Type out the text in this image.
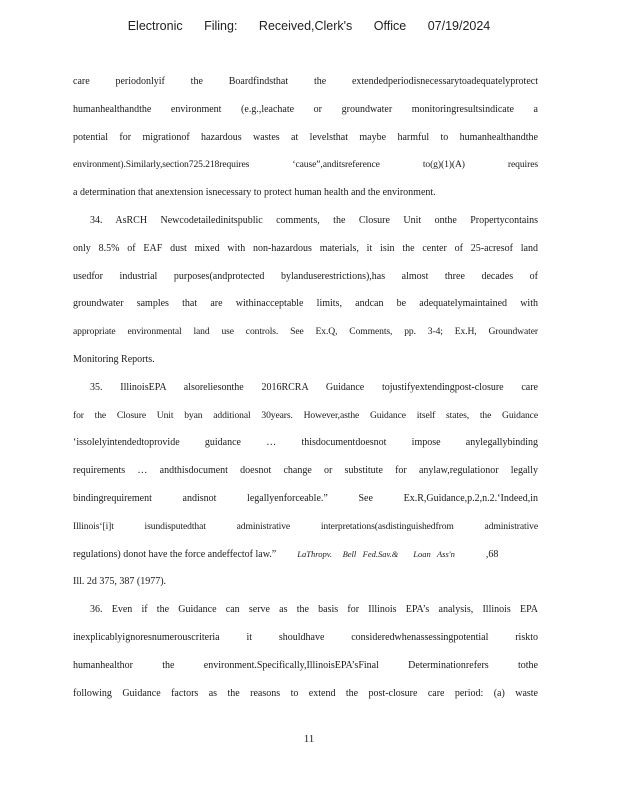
Electronic Filing: Received,Clerk's Office 07/19/2024
care periodonlyif the Boardfindsthat the extendedperiodisnecessarytoadequatelyprotect
humanhealthandthe environment (e.g.,leachate or groundwater monitoringresultsindicate a
potential for migrationof hazardous wastes at levelsthat maybe harmful to humanhealthandthe
environment).Similarly,section725.218requires ‘cause”,anditsreference to(g)(1)(A) requires
a determination that anextension isnecessary to protect human health and the environment.
34. AsRCH Newcodetailedinitspublic comments, the Closure Unit onthe Propertycontains
only 8.5% of EAF dust mixed with non-hazardous materials, it isin the center of 25-acresof land
usedfor industrial purposes(andprotected bylanduserestrictions),has almost three decades of
groundwater samples that are withinacceptable limits, andcan be adequatelymaintained with
appropriate environmental land use controls. See Ex.Q, Comments, pp. 3-4; Ex.H, Groundwater
Monitoring Reports.
35. IllinoisEPA alsoreliesonthe 2016RCRA Guidance tojustifyextendingpost-closure care
for the Closure Unit byan additional 30years. However,asthe Guidance itself states, the Guidance
‘issolelyintendedtoprovide guidance … thisdocumentdoesnot impose anylegallybinding
requirements … andthisdocument doesnot change or substitute for anylaw,regulationor legally
bindingrequirement andisnot legallyenforceable.” See Ex.R,Guidance,p.2,n.2.‘Indeed,in
Illinois‘[i]t isundisputedthat administrative interpretations(asdistinguishedfrom administrative
regulations) donot have the force andeffectof law.” LaThropv.     Bell   Fed.Sav.&       Loan   Ass'n	,68
Ill. 2d 375, 387 (1977).
36. Even if the Guidance can serve as the basis for Illinois EPA’s analysis, Illinois EPA
inexplicablyignoresnumerouscriteria it shouldhave consideredwhenassessingpotential riskto
humanhealthor the environment.Specifically,IllinoisEPA’sFinal Determinationrefers tothe
following Guidance factors as the reasons to extend the post-closure care period: (a) waste
11
